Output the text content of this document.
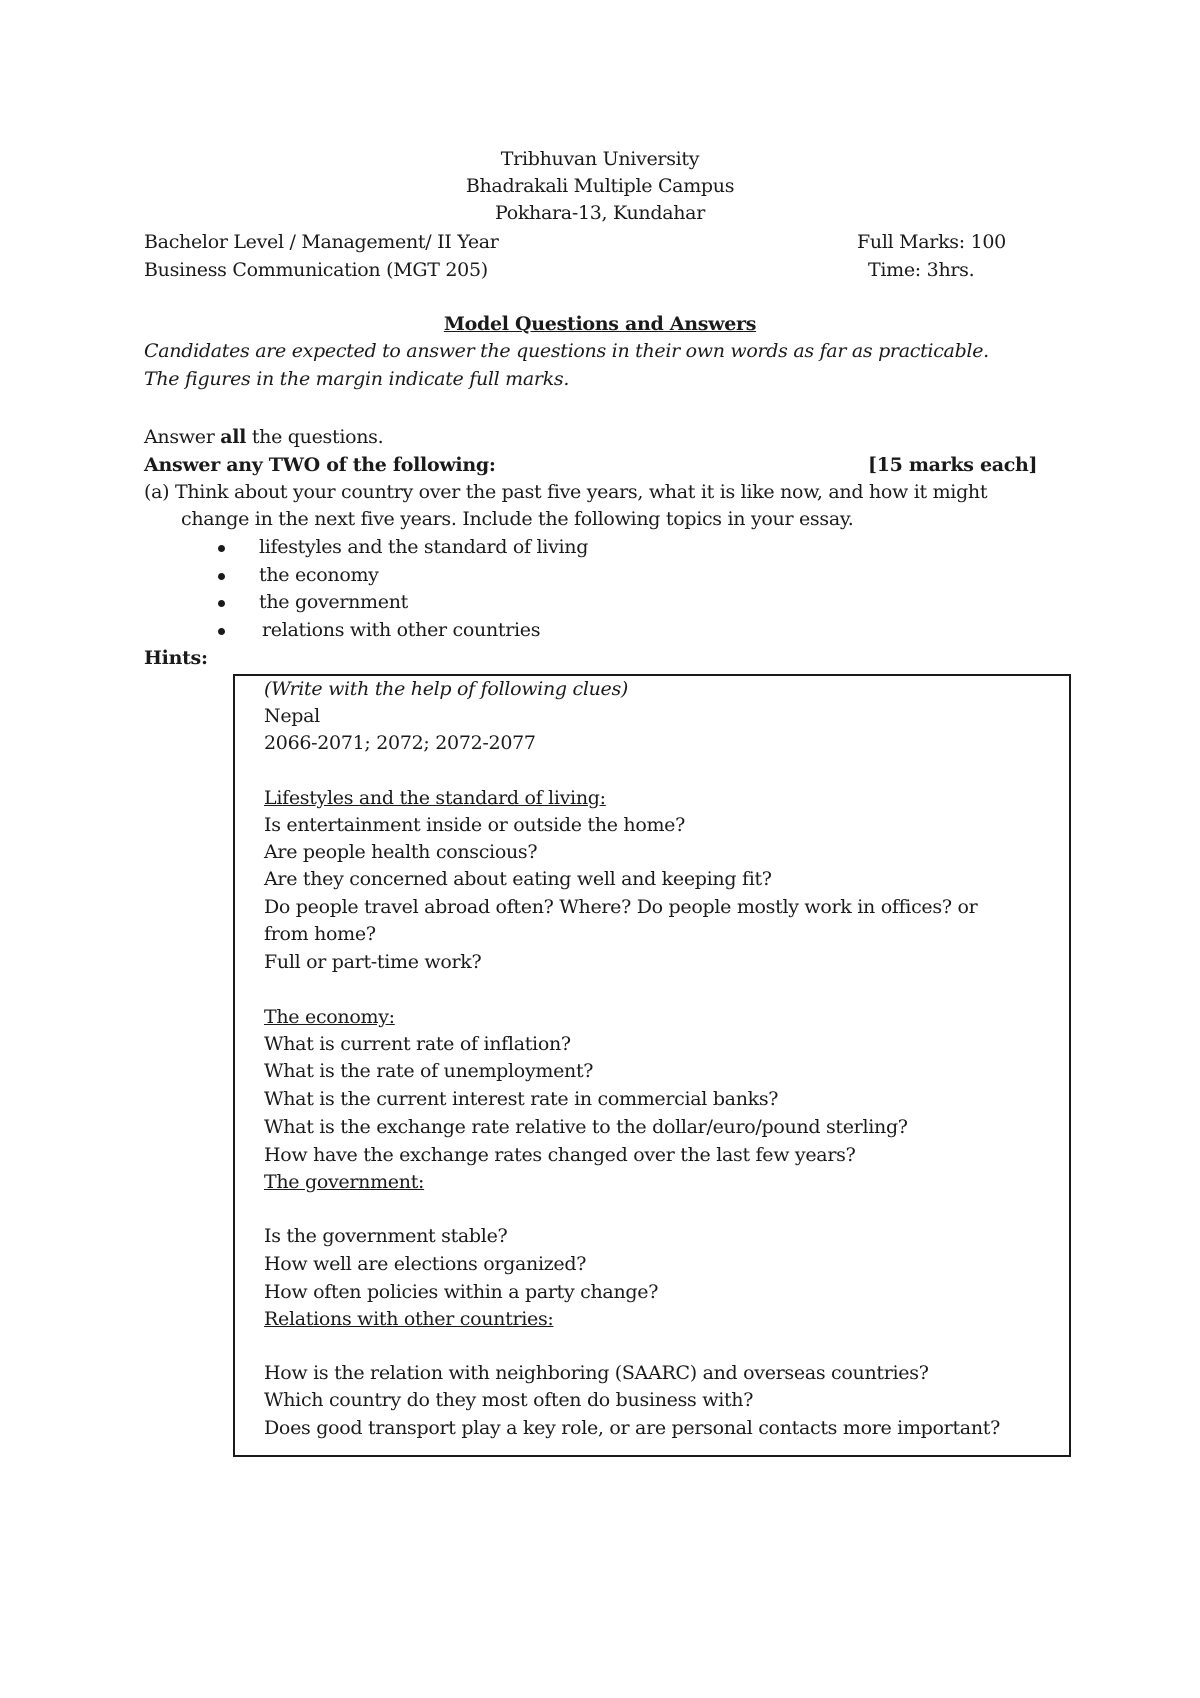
Tribhuvan University
Bhadrakali Multiple Campus
Pokhara-13, Kundahar
Bachelor Level / Management/ II Year	Full Marks: 100
Business Communication (MGT 205)	Time: 3hrs.
Model Questions and Answers
Candidates are expected to answer the questions in their own words as far as practicable.
The figures in the margin indicate full marks.
Answer all the questions.
Answer any TWO of the following:	[15 marks each]
(a) Think about your country over the past five years, what it is like now, and how it might
change in the next five years. Include the following topics in your essay.
lifestyles and the standard of living
the economy
the government
relations with other countries
Hints:
(Write with the help of following clues)
Nepal
2066-2071; 2072; 2072-2077
Lifestyles and the standard of living:
Is entertainment inside or outside the home?
Are people health conscious?
Are they concerned about eating well and keeping fit?
Do people travel abroad often? Where? Do people mostly work in offices? or
from home?
Full or part-time work?
The economy:
What is current rate of inflation?
What is the rate of unemployment?
What is the current interest rate in commercial banks?
What is the exchange rate relative to the dollar/euro/pound sterling?
How have the exchange rates changed over the last few years?
The government:
Is the government stable?
How well are elections organized?
How often policies within a party change?
Relations with other countries:
How is the relation with neighboring (SAARC) and overseas countries?
Which country do they most often do business with?
Does good transport play a key role, or are personal contacts more important?
